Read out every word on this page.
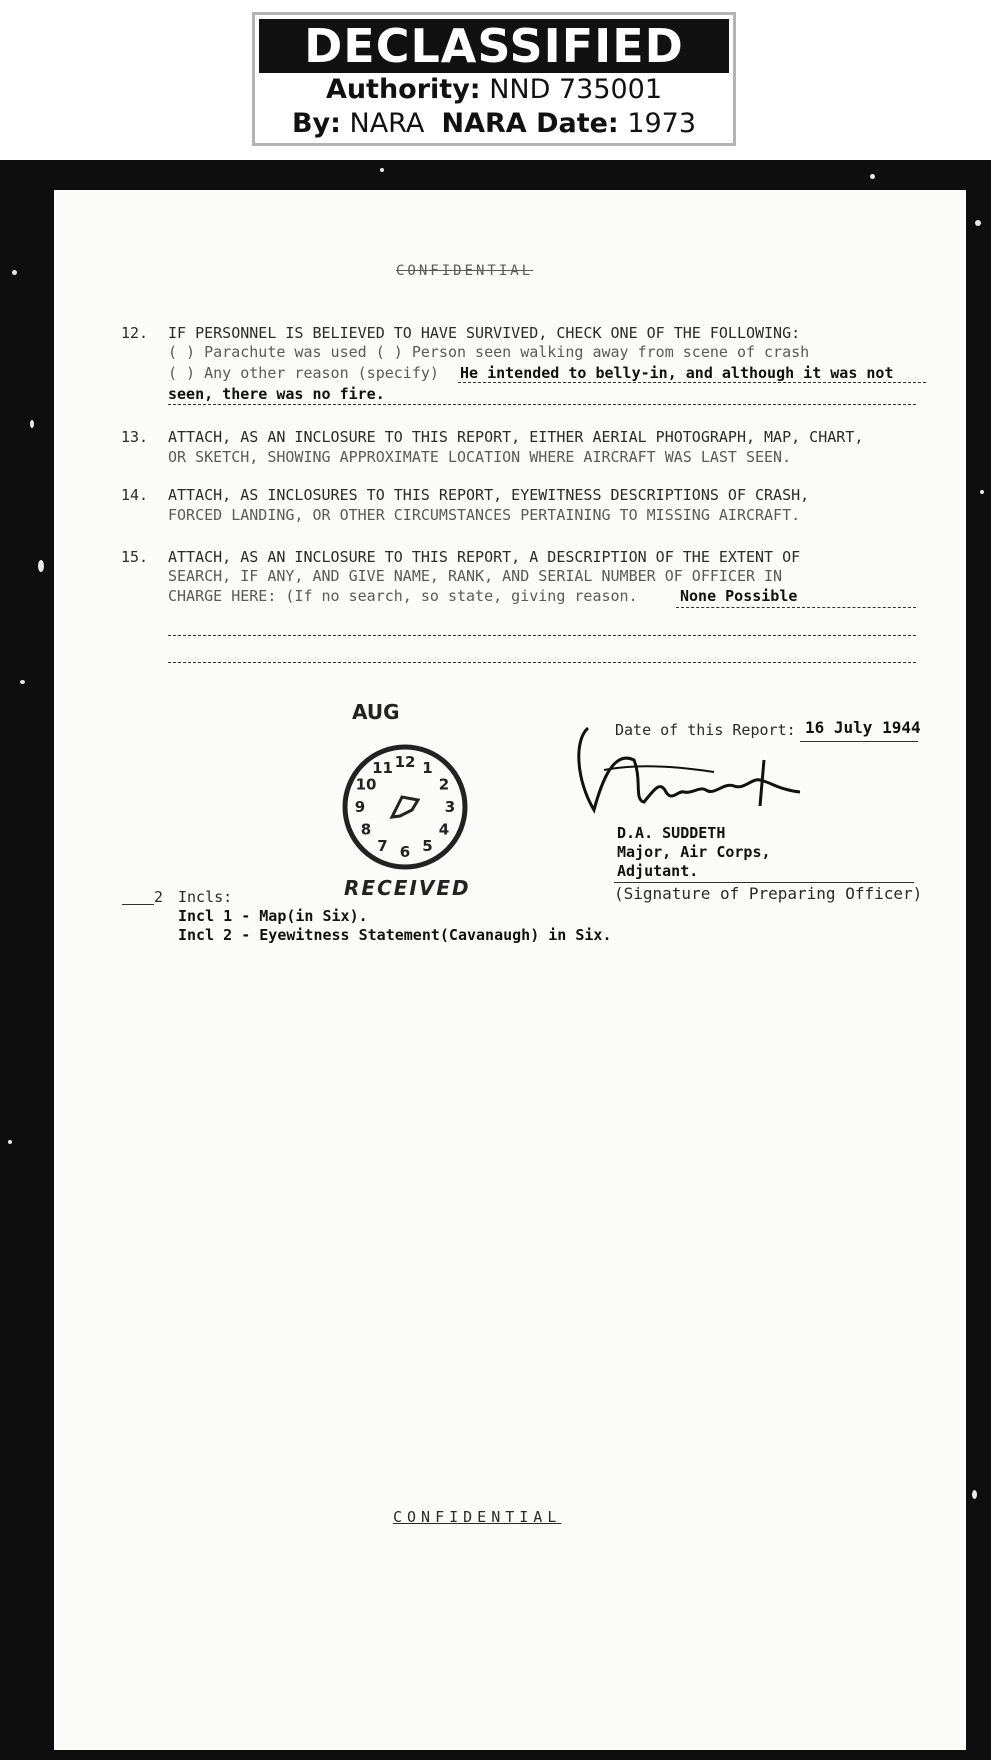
DECLASSIFIED
Authority: NND 735001
By: NARA NARA Date: 1973
CONFIDENTIAL
12. IF PERSONNEL IS BELIEVED TO HAVE SURVIVED, CHECK ONE OF THE FOLLOWING:
( ) Parachute was used ( ) Person seen walking away from scene of crash
( ) Any other reason (specify) He intended to belly-in, and although it was not
seen, there was no fire.
13. ATTACH, AS AN INCLOSURE TO THIS REPORT, EITHER AERIAL PHOTOGRAPH, MAP, CHART,
OR SKETCH, SHOWING APPROXIMATE LOCATION WHERE AIRCRAFT WAS LAST SEEN.
14. ATTACH, AS INCLOSURES TO THIS REPORT, EYEWITNESS DESCRIPTIONS OF CRASH,
FORCED LANDING, OR OTHER CIRCUMSTANCES PERTAINING TO MISSING AIRCRAFT.
15. ATTACH, AS AN INCLOSURE TO THIS REPORT, A DESCRIPTION OF THE EXTENT OF
SEARCH, IF ANY, AND GIVE NAME, RANK, AND SERIAL NUMBER OF OFFICER IN
CHARGE HERE: (If no search, so state, giving reason.	None Possible
AUG
12 1
2
3
4
5
6
7
8
9
10
11
RECEIVED
Date of this Report: 16 July 1944
D.A. SUDDETH
Major, Air Corps,
Adjutant.
(Signature of Preparing Officer)
2 Incls:
Incl 1 - Map(in Six).
Incl 2 - Eyewitness Statement(Cavanaugh) in Six.
CONFIDENTIAL
